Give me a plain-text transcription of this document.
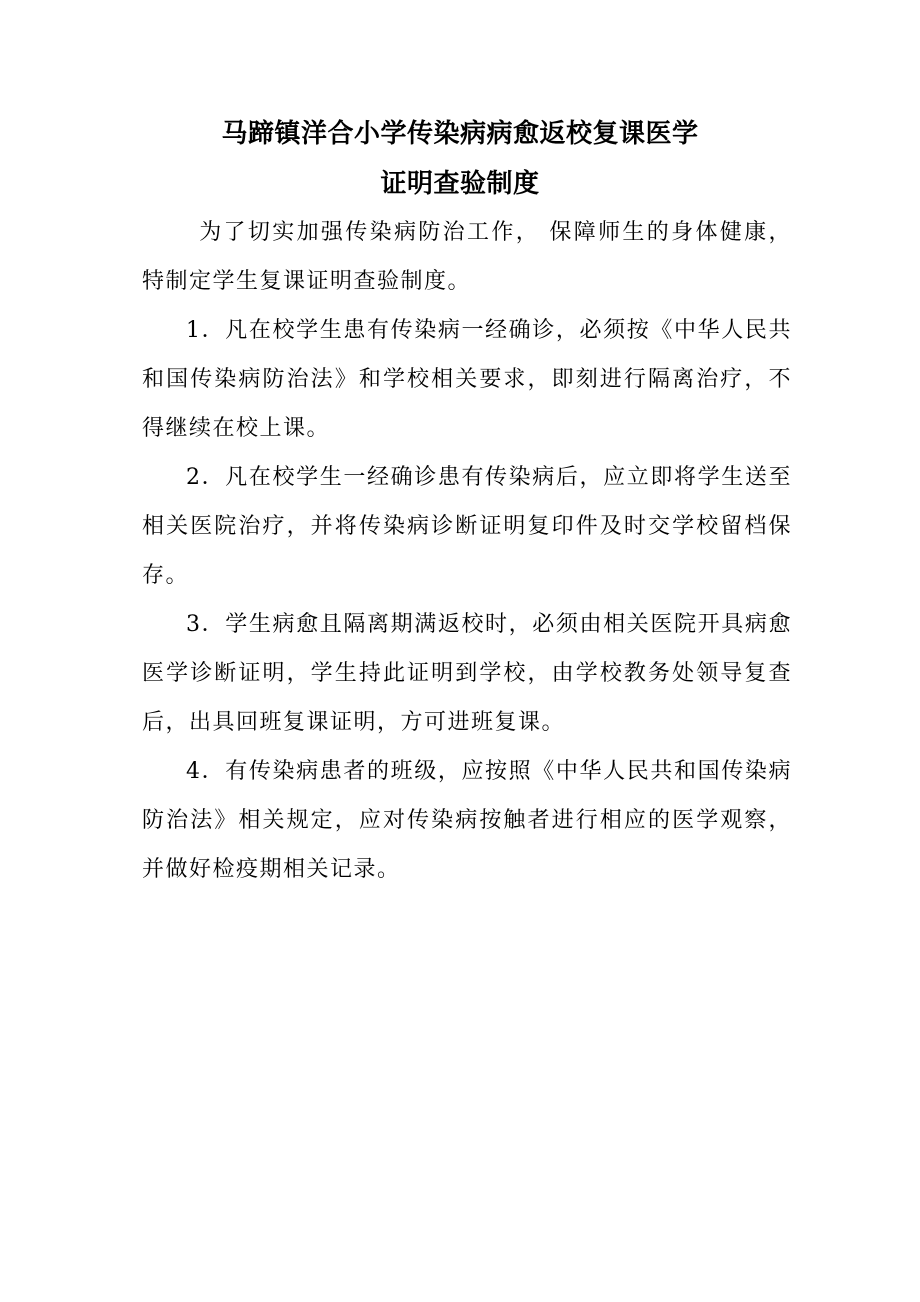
马蹄镇洋合小学传染病病愈返校复课医学
证明查验制度

为了切实加强传染病防治工作， 保障师生的身体健康，特制定学生复课证明查验制度。

1．凡在校学生患有传染病一经确诊，必须按《中华人民共和国传染病防治法》和学校相关要求，即刻进行隔离治疗，不得继续在校上课。

2．凡在校学生一经确诊患有传染病后，应立即将学生送至相关医院治疗，并将传染病诊断证明复印件及时交学校留档保存。

3．学生病愈且隔离期满返校时，必须由相关医院开具病愈医学诊断证明，学生持此证明到学校，由学校教务处领导复查后，出具回班复课证明，方可进班复课。

4．有传染病患者的班级，应按照《中华人民共和国传染病防治法》相关规定，应对传染病按触者进行相应的医学观察，并做好检疫期相关记录。
